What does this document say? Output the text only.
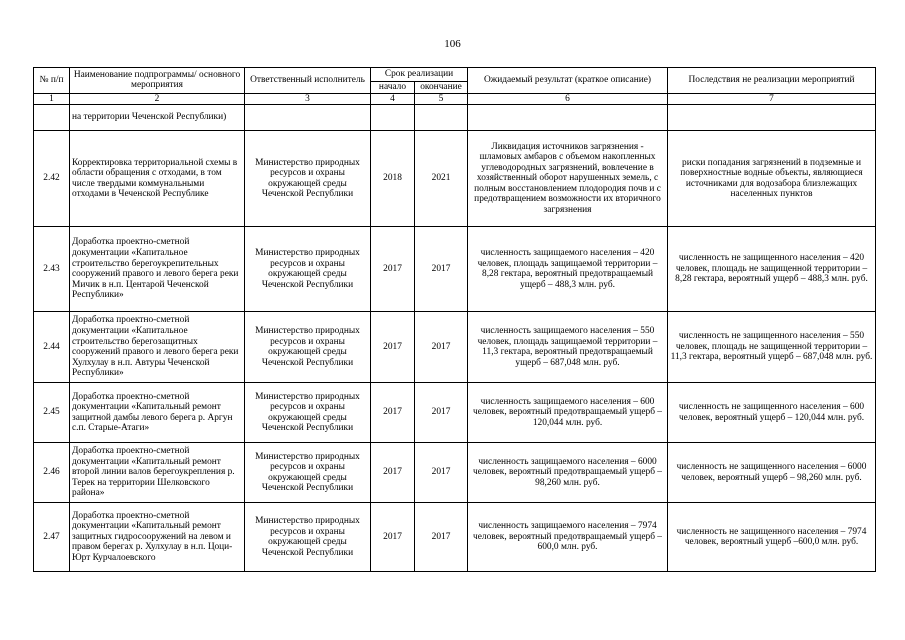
106
№ п/п	Наименование подпрограммы/ основного мероприятия	Ответственный исполнитель	Срок реализации		Ожидаемый результат (краткое описание)	Последствия не реализации мероприятий
			начало	окончание		
1	2	3	4	5	6	7
	на территории Чеченской Республики)					
2.42	Корректировка территориальной схемы в области обращения с отходами, в том числе твердыми коммунальными отходами в Чеченской Республике	Министерство природных ресурсов и охраны окружающей среды Чеченской Республики	2018	2021	Ликвидация источников загрязнения - шламовых амбаров с объемом накопленных углеводородных загрязнений, вовлечение в хозяйственный оборот нарушенных земель, с полным восстановлением плодородия почв и с предотвращением возможности их вторичного загрязнения	риски попадания загрязнений в подземные и поверхностные водные объекты, являющиеся источниками для водозабора близлежащих населенных пунктов
2.43	Доработка проектно-сметной документации «Капитальное строительство берегоукрепительных сооружений правого и левого берега реки Мичик в н.п. Центарой Чеченской Республики»	Министерство природных ресурсов и охраны окружающей среды Чеченской Республики	2017	2017	численность защищаемого населения – 420 человек, площадь защищаемой территории – 8,28 гектара, вероятный предотвращаемый ущерб – 488,3 млн. руб.	численность не защищенного населения – 420 человек, площадь не защищенной территории – 8,28 гектара, вероятный ущерб – 488,3 млн. руб.
2.44	Доработка проектно-сметной документации «Капитальное строительство берегозащитных сооружений правого и левого берега реки Хулхулау в н.п. Автуры Чеченской Республики»	Министерство природных ресурсов и охраны окружающей среды Чеченской Республики	2017	2017	численность защищаемого населения – 550 человек, площадь защищаемой территории – 11,3 гектара, вероятный предотвращаемый ущерб – 687,048 млн. руб.	численность не защищенного населения – 550 человек, площадь не защищенной территории – 11,3 гектара, вероятный ущерб – 687,048 млн. руб.
2.45	Доработка проектно-сметной документации «Капитальный ремонт защитной дамбы левого берега р. Аргун с.п. Старые-Атаги»	Министерство природных ресурсов и охраны окружающей среды Чеченской Республики	2017	2017	численность защищаемого населения – 600 человек, вероятный предотвращаемый ущерб – 120,044 млн. руб.	численность не защищенного населения – 600 человек, вероятный ущерб – 120,044 млн. руб.
2.46	Доработка проектно-сметной документации «Капитальный ремонт второй линии валов берегоукрепления р. Терек на территории Шелковского района»	Министерство природных ресурсов и охраны окружающей среды Чеченской Республики	2017	2017	численность защищаемого населения – 6000 человек, вероятный предотвращаемый ущерб – 98,260 млн. руб.	численность не защищенного населения – 6000 человек, вероятный ущерб – 98,260 млн. руб.
2.47	Доработка проектно-сметной документации «Капитальный ремонт защитных гидросооружений на левом и правом берегах р. Хулхулау в н.п. Цоци-Юрт Курчалоевского	Министерство природных ресурсов и охраны окружающей среды Чеченской Республики	2017	2017	численность защищаемого населения – 7974 человек, вероятный предотвращаемый ущерб –600,0 млн. руб.	численность не защищенного населения – 7974 человек, вероятный ущерб –600,0 млн. руб.
